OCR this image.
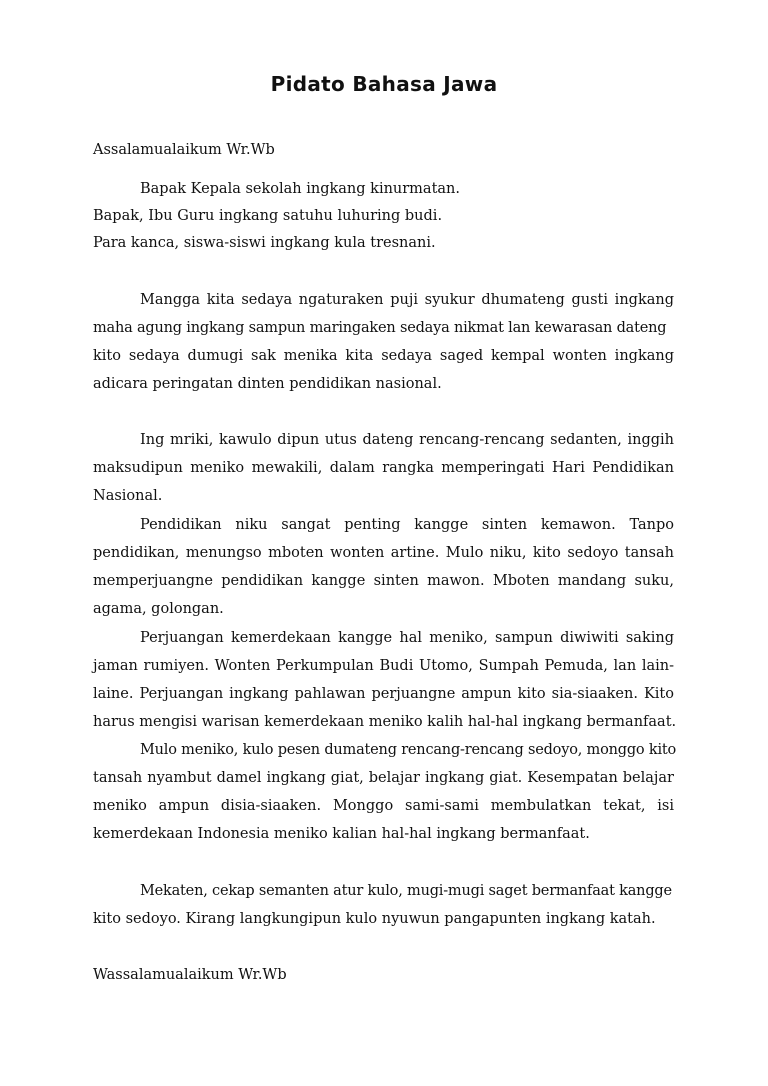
Pidato Bahasa Jawa
Assalamualaikum Wr.Wb
Bapak Kepala sekolah ingkang kinurmatan.
Bapak, Ibu Guru ingkang satuhu luhuring budi.
Para kanca, siswa-siswi ingkang kula tresnani.
Mangga kita sedaya ngaturaken puji syukur dhumateng gusti ingkang
maha agung ingkang sampun maringaken sedaya nikmat lan kewarasan dateng
kito sedaya dumugi sak menika kita sedaya saged kempal wonten ingkang
adicara peringatan dinten pendidikan nasional.
Ing mriki, kawulo dipun utus dateng rencang-rencang sedanten, inggih
maksudipun meniko mewakili, dalam rangka memperingati Hari Pendidikan
Nasional.
Pendidikan niku sangat penting kangge sinten kemawon. Tanpo
pendidikan, menungso mboten wonten artine. Mulo niku, kito sedoyo tansah
memperjuangne pendidikan kangge sinten mawon. Mboten mandang suku,
agama, golongan.
Perjuangan kemerdekaan kangge hal meniko, sampun diwiwiti saking
jaman rumiyen. Wonten Perkumpulan Budi Utomo, Sumpah Pemuda, lan lain-
laine. Perjuangan ingkang pahlawan perjuangne ampun kito sia-siaaken. Kito
harus mengisi warisan kemerdekaan meniko kalih hal-hal ingkang bermanfaat.
Mulo meniko, kulo pesen dumateng rencang-rencang sedoyo, monggo kito
tansah nyambut damel ingkang giat, belajar ingkang giat. Kesempatan belajar
meniko ampun disia-siaaken. Monggo sami-sami membulatkan tekat, isi
kemerdekaan Indonesia meniko kalian hal-hal ingkang bermanfaat.
Mekaten, cekap semanten atur kulo, mugi-mugi saget bermanfaat kangge
kito sedoyo. Kirang langkungipun kulo nyuwun pangapunten ingkang katah.
Wassalamualaikum Wr.Wb
